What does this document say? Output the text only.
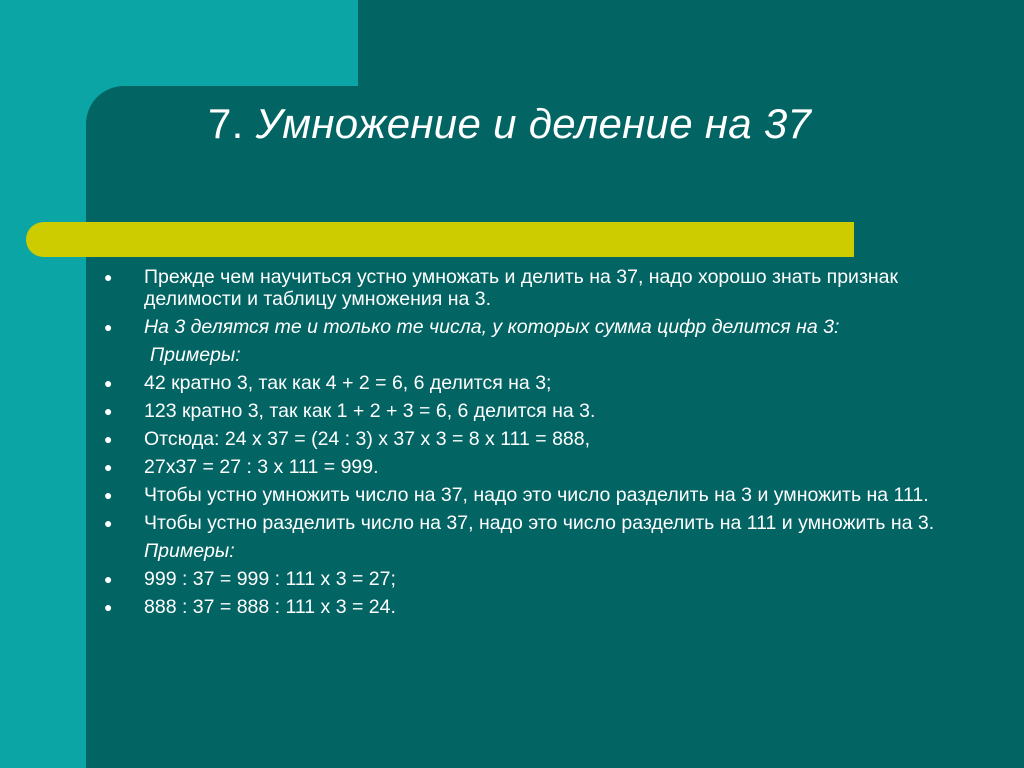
7. Умножение и деление на 37
● Прежде чем научиться устно умножать и делить на 37, надо хорошо знать признак делимости и таблицу умножения на 3.
● На 3 делятся те и только те числа, у которых сумма цифр делится на 3:
Примеры:
● 42 кратно 3, так как 4 + 2 = 6, 6 делится на 3;
● 123 кратно 3, так как 1 + 2 + 3 = 6, 6 делится на 3.
● Отсюда: 24 х 37 = (24 : 3) х 37 х 3 = 8 х 111 = 888,
● 27х37 = 27 : 3 х 111 = 999.
● Чтобы устно умножить число на 37, надо это число разделить на 3 и умножить на 111.
● Чтобы устно разделить число на 37, надо это число разделить на 111 и умножить на 3.
Примеры:
● 999 : 37 = 999 : 111 х 3 = 27;
● 888 : 37 = 888 : 111 х 3 = 24.
